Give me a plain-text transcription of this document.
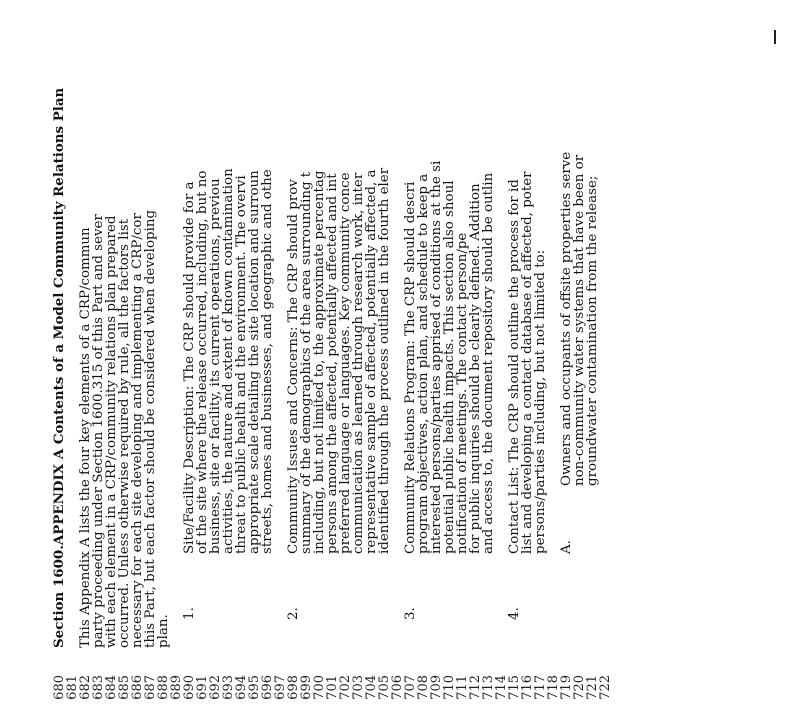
680
681
682
683
684
685
686
687
688
689
690
691
692
693
694
695
696
697
698
699
700
701
702
703
704
705
706
707
708
709
710
711
712
713
714
715
716
717
718
719
720
721
722
Section 1600.APPENDIX A Contents of a Model Community Relations Plan This Appendix A lists the four key elements of a CRP/commun
party proceeding under Section 1600.315 of this Part and sever
with each element in a CRP/community relations plan prepared
occurred. Unless otherwise required by rule, all the factors list
necessary for each site developing and implementing a CRP/cor
this Part, but each factor should be considered when developing
plan.
1.
Site/Facility Description: The CRP should provide for a
of the site where the release occurred, including, but no
business, site or facility, its current operations, previou
activities, the nature and extent of known contamination
threat to public health and the environment. The overvi
appropriate scale detailing the site location and surroun
streets, homes and businesses, and geographic and othe
2.
Community Issues and Concerns: The CRP should prov
summary of the demographics of the area surrounding t
including, but not limited to, the approximate percentag
persons among the affected, potentially affected and int
preferred language or languages. Key community conce
communication as learned through research work, inter
representative sample of affected, potentially affected, a
identified through the process outlined in the fourth eler
3.
Community Relations Program: The CRP should descri
program objectives, action plan, and schedule to keep a
interested persons/parties apprised of conditions at the si
potential public health impacts. This section also shoul
notification of meetings. The contact person/pe
for public inquiries should be clearly defined. Addition
and access to, the document repository should be outlin
4.
Contact List: The CRP should outline the process for id
list and developing a contact database of affected, poter
persons/parties including, but not limited to: A.
Owners and occupants of offsite properties serve
non-community water systems that have been or
groundwater contamination from the release;
